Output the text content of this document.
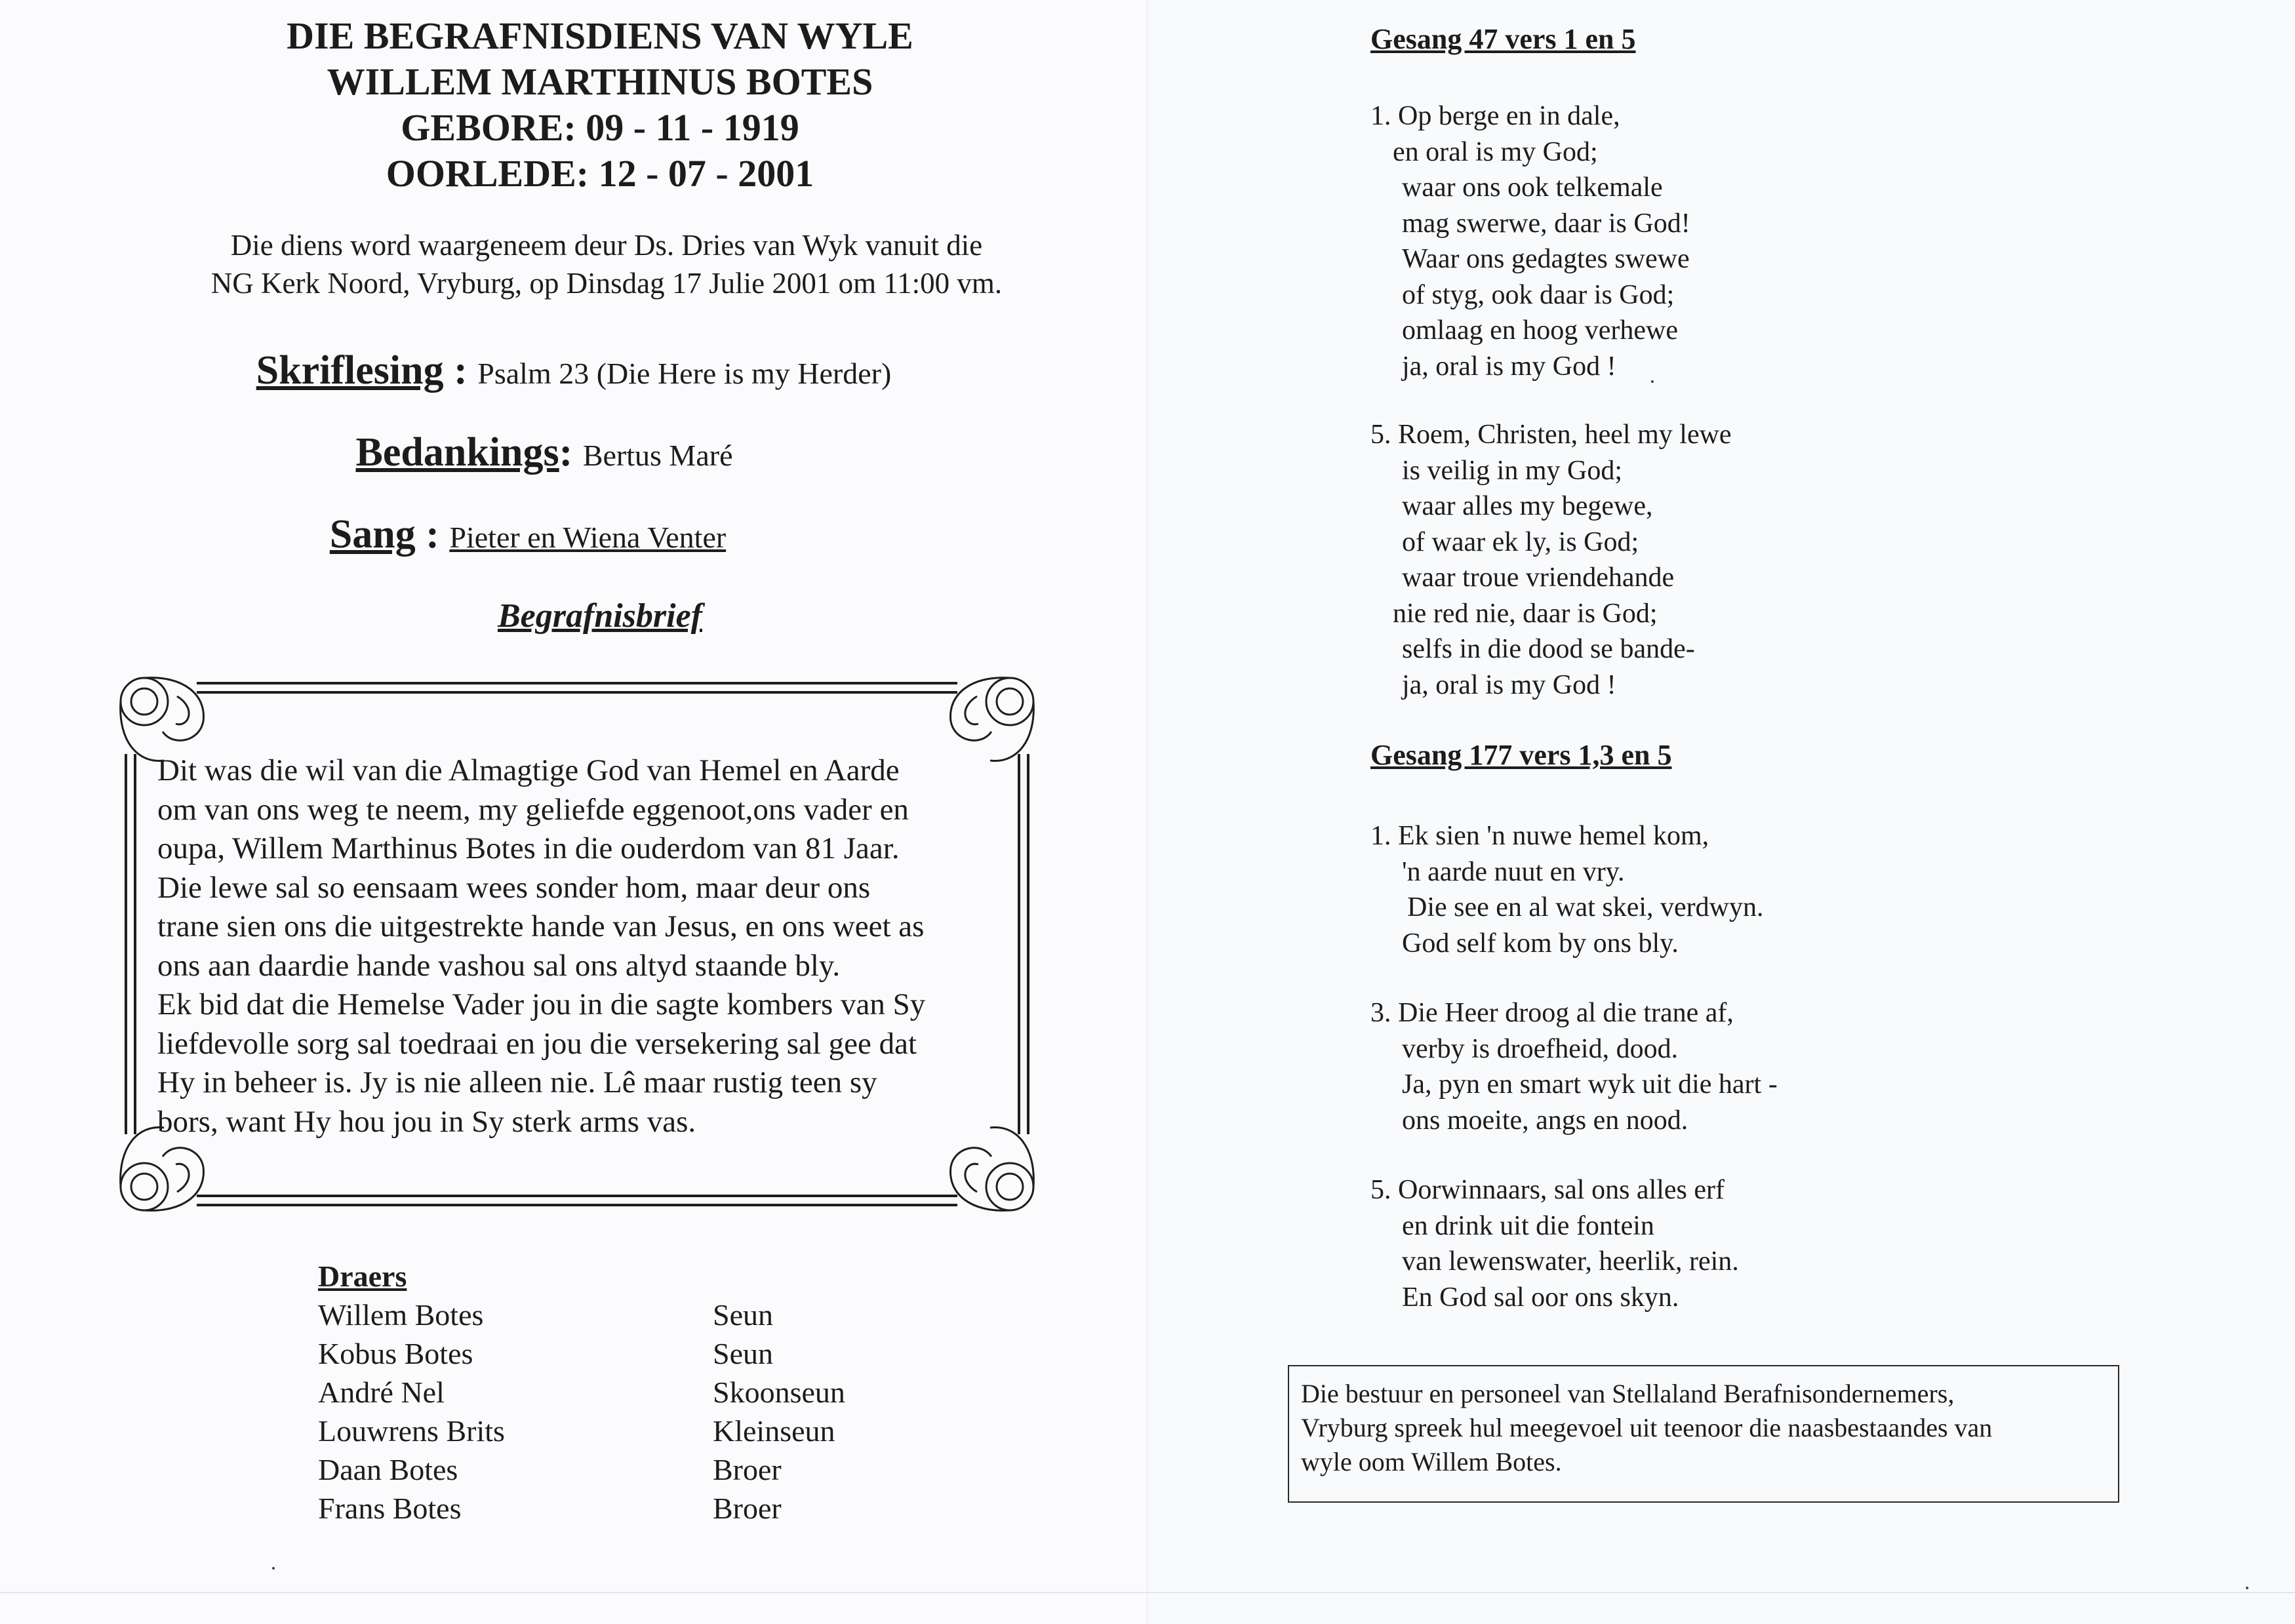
DIE BEGRAFNISDIENS VAN WYLE
WILLEM MARTHINUS BOTES
GEBORE: 09 - 11 - 1919
OORLEDE: 12 - 07 - 2001
Die diens word waargeneem deur Ds. Dries van Wyk vanuit die
NG Kerk Noord, Vryburg, op Dinsdag 17 Julie 2001 om 11:00 vm.
Skriflesing : Psalm 23 (Die Here is my Herder)
Bedankings: Bertus Maré
Sang : Pieter en Wiena Venter
Begrafnisbrief

Dit was die wil van die Almagtige God van Hemel en Aarde

om van ons weg te neem, my geliefde eggenoot,ons vader en

oupa, Willem Marthinus Botes in die ouderdom van 81 Jaar.

Die lewe sal so eensaam wees sonder hom, maar deur ons

trane sien ons die uitgestrekte hande van Jesus, en ons weet as

ons aan daardie hande vashou sal ons altyd staande bly.

Ek bid dat die Hemelse Vader jou in die sagte kombers van Sy

liefdevolle sorg sal toedraai en jou die versekering sal gee dat

Hy in beheer is. Jy is nie alleen nie. Lê maar rustig teen sy

bors, want Hy hou jou in Sy sterk arms vas.

Draers
Willem Botes	Seun
Kobus Botes	Seun
André Nel	Skoonseun
Louwrens Brits	Kleinseun
Daan Botes	Broer
Frans Botes	Broer
Gesang 47 vers 1 en 5
1. Op berge en in dale,
en oral is my God;
waar ons ook telkemale
mag swerwe, daar is God!
Waar ons gedagtes swewe
of styg, ook daar is God;
omlaag en hoog verhewe
ja, oral is my God !
5. Roem, Christen, heel my lewe
is veilig in my God;
waar alles my begewe,
of waar ek ly, is God;
waar troue vriendehande
nie red nie, daar is God;
selfs in die dood se bande-
ja, oral is my God !
Gesang 177 vers 1,3 en 5
1. Ek sien 'n nuwe hemel kom,
'n aarde nuut en vry.
Die see en al wat skei, verdwyn.
God self kom by ons bly.
3. Die Heer droog al die trane af,
verby is droefheid, dood.
Ja, pyn en smart wyk uit die hart -
ons moeite, angs en nood.
5. Oorwinnaars, sal ons alles erf
en drink uit die fontein
van lewenswater, heerlik, rein.
En God sal oor ons skyn.
Die bestuur en personeel van Stellaland Berafnisondernemers,
Vryburg spreek hul meegevoel uit teenoor die naasbestaandes van
wyle oom Willem Botes.
